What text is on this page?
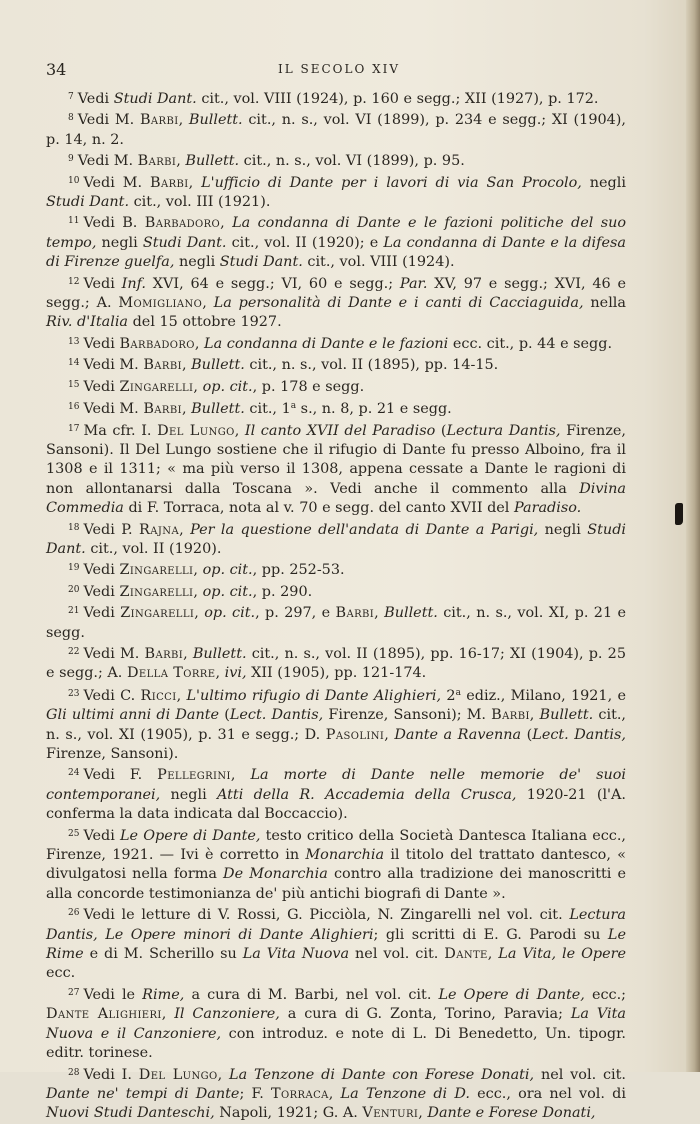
34	IL SECOLO XIV

$^7$ Vedi Studi Dant. cit., vol. VIII (1924), p. 160 e segg.; XII (1927), p. 172.

$^8$ Vedi M. Barbi, Bullett. cit., n. s., vol. VI (1899), p. 234 e segg.; XI (1904), p. 14, n. 2.

$^9$ Vedi M. Barbi, Bullett. cit., n. s., vol. VI (1899), p. 95.

$^{10}$ Vedi M. Barbi, L'ufficio di Dante per i lavori di via San Procolo, negli Studi Dant. cit., vol. III (1921).

$^{11}$ Vedi B. Barbadoro, La condanna di Dante e le fazioni politiche del suo tempo, negli Studi Dant. cit., vol. II (1920); e La condanna di Dante e la difesa di Firenze guelfa, negli Studi Dant. cit., vol. VIII (1924).

$^{12}$ Vedi Inf. XVI, 64 e segg.; VI, 60 e segg.; Par. XV, 97 e segg.; XVI, 46 e segg.; A. Momigliano, La personalità di Dante e i canti di Cacciaguida, nella Riv. d'Italia del 15 ottobre 1927.

$^{13}$ Vedi Barbadoro, La condanna di Dante e le fazioni ecc. cit., p. 44 e segg.

$^{14}$ Vedi M. Barbi, Bullett. cit., n. s., vol. II (1895), pp. 14-15.

$^{15}$ Vedi Zingarelli, op. cit., p. 178 e segg.

$^{16}$ Vedi M. Barbi, Bullett. cit., 1$^a$ s., n. 8, p. 21 e segg.

$^{17}$ Ma cfr. I. Del Lungo, Il canto XVII del Paradiso (Lectura Dantis, Firenze, Sansoni). Il Del Lungo sostiene che il rifugio di Dante fu presso Alboino, fra il 1308 e il 1311; « ma più verso il 1308, appena cessate a Dante le ragioni di non allontanarsi dalla Toscana ». Vedi anche il commento alla Divina Commedia di F. Torraca, nota al v. 70 e segg. del canto XVII del Paradiso.

$^{18}$ Vedi P. Rajna, Per la questione dell'andata di Dante a Parigi, negli Studi Dant. cit., vol. II (1920).

$^{19}$ Vedi Zingarelli, op. cit., pp. 252-53.

$^{20}$ Vedi Zingarelli, op. cit., p. 290.

$^{21}$ Vedi Zingarelli, op. cit., p. 297, e Barbi, Bullett. cit., n. s., vol. XI, p. 21 e segg.

$^{22}$ Vedi M. Barbi, Bullett. cit., n. s., vol. II (1895), pp. 16-17; XI (1904), p. 25 e segg.; A. Della Torre, ivi, XII (1905), pp. 121-174.

$^{23}$ Vedi C. Ricci, L'ultimo rifugio di Dante Alighieri, 2$^a$ ediz., Milano, 1921, e Gli ultimi anni di Dante (Lect. Dantis, Firenze, Sansoni); M. Barbi, Bullett. cit., n. s., vol. XI (1905), p. 31 e segg.; D. Pasolini, Dante a Ravenna (Lect. Dantis, Firenze, Sansoni).

$^{24}$ Vedi F. Pellegrini, La morte di Dante nelle memorie de' suoi contemporanei, negli Atti della R. Accademia della Crusca, 1920-21 (l'A. conferma la data indicata dal Boccaccio).

$^{25}$ Vedi Le Opere di Dante, testo critico della Società Dantesca Italiana ecc., Firenze, 1921. — Ivi è corretto in Monarchia il titolo del trattato dantesco, « divulgatosi nella forma De Monarchia contro alla tradizione dei manoscritti e alla concorde testimonianza de' più antichi biografi di Dante ».

$^{26}$ Vedi le letture di V. Rossi, G. Picciòla, N. Zingarelli nel vol. cit. Lectura Dantis, Le Opere minori di Dante Alighieri; gli scritti di E. G. Parodi su Le Rime e di M. Scherillo su La Vita Nuova nel vol. cit. Dante, La Vita, le Opere ecc.

$^{27}$ Vedi le Rime, a cura di M. Barbi, nel vol. cit. Le Opere di Dante, ecc.; Dante Alighieri, Il Canzoniere, a cura di G. Zonta, Torino, Paravia; La Vita Nuova e il Canzoniere, con introduz. e note di L. Di Benedetto, Un. tipogr. editr. torinese.

$^{28}$ Vedi I. Del Lungo, La Tenzone di Dante con Forese Donati, nel vol. cit. Dante ne' tempi di Dante; F. Torraca, La Tenzone di D. ecc., ora nel vol. di Nuovi Studi Danteschi, Napoli, 1921; G. A. Venturi, Dante e Forese Donati,
